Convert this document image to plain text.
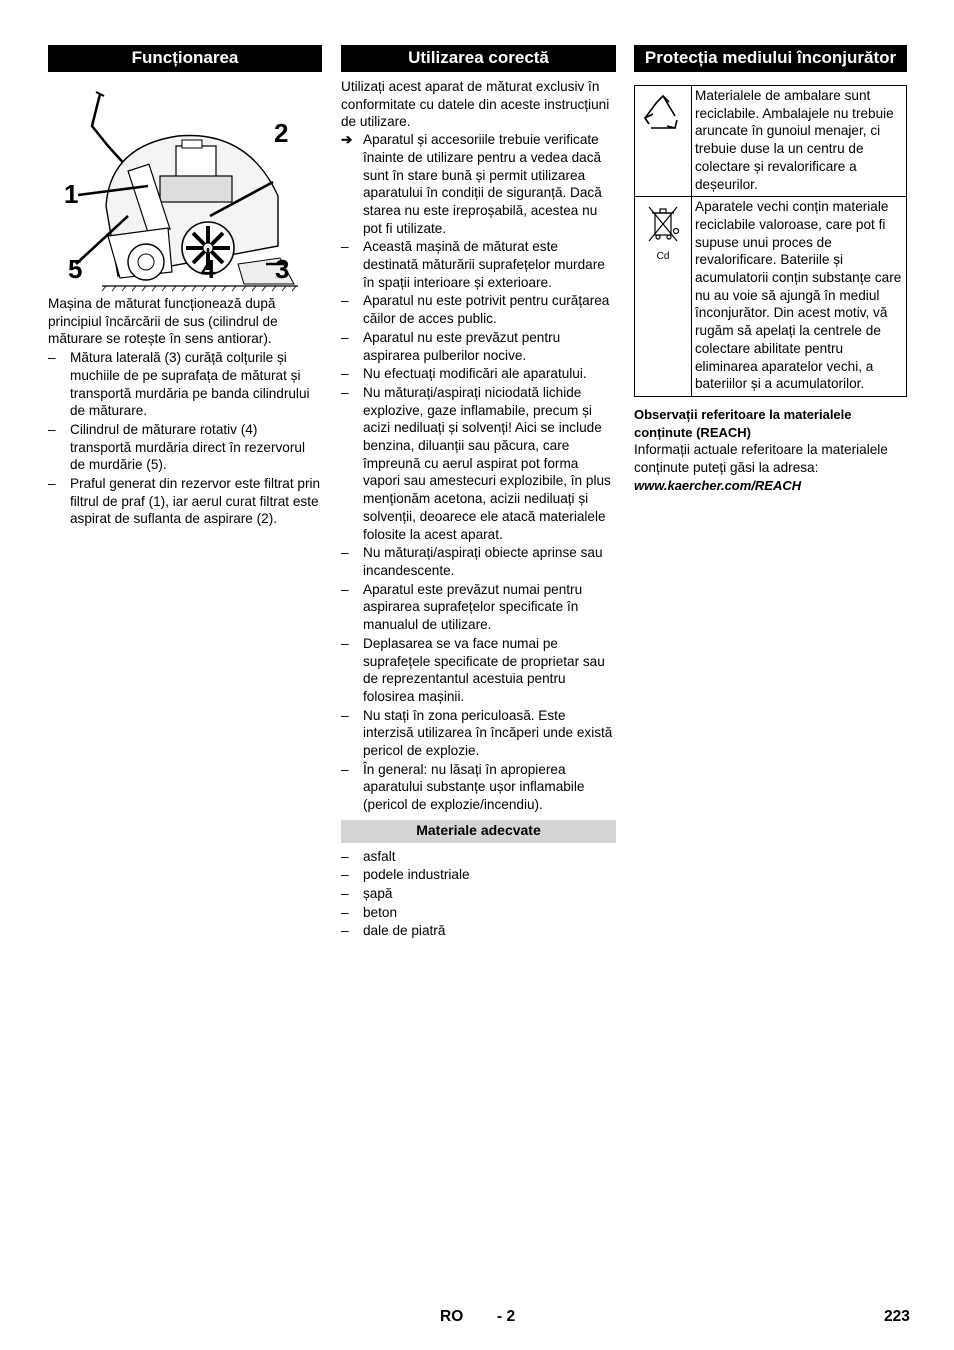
Funcționarea
1
2
3
4
5

Mașina de măturat funcționează după principiul încărcării de sus (cilindrul de măturare se rotește în sens antiorar).

– Mătura laterală (3) curăță colțurile și muchiile de pe suprafața de măturat și transportă murdăria pe banda cilindrului de măturare.
– Cilindrul de măturare rotativ (4) transportă murdăria direct în rezervorul de murdărie (5).
– Praful generat din rezervor este filtrat prin filtrul de praf (1), iar aerul curat filtrat este aspirat de suflanta de aspirare (2).
Utilizarea corectă

Utilizați acest aparat de măturat exclusiv în conformitate cu datele din aceste instrucțiuni de utilizare.

➔ Aparatul și accesoriile trebuie verificate înainte de utilizare pentru a vedea dacă sunt în stare bună și permit utilizarea aparatului în condiții de siguranță. Dacă starea nu este ireproșabilă, acestea nu pot fi utilizate.
– Această mașină de măturat este destinată măturării suprafețelor murdare în spații interioare și exterioare.
– Aparatul nu este potrivit pentru curățarea căilor de acces public.
– Aparatul nu este prevăzut pentru aspirarea pulberilor nocive.
– Nu efectuați modificări ale aparatului.
– Nu măturați/aspirați niciodată lichide explozive, gaze inflamabile, precum și acizi nediluați și solvenți! Aici se include benzina, diluanții sau păcura, care împreună cu aerul aspirat pot forma vapori sau amestecuri explozibile, în plus menționăm acetona, acizii nediluați și solvenții, deoarece ele atacă materialele folosite la acest aparat.
– Nu măturați/aspirați obiecte aprinse sau incandescente.
– Aparatul este prevăzut numai pentru aspirarea suprafețelor specificate în manualul de utilizare.
– Deplasarea se va face numai pe suprafețele specificate de proprietar sau de reprezentantul acestuia pentru folosirea mașinii.
– Nu stați în zona periculoasă. Este interzisă utilizarea în încăperi unde există pericol de explozie.
– În general: nu lăsați în apropierea aparatului substanțe ușor inflamabile (pericol de explozie/incendiu).
Materiale adecvate
– asfalt
– podele industriale
– șapă
– beton
– dale de piatră
Protecția mediului înconjurător
	Materialele de ambalare sunt reciclabile. Ambalajele nu trebuie aruncate în gunoiul menajer, ci trebuie duse la un centru de colectare și revalorificare a deșeurilor.

Cd	Aparatele vechi conțin materiale reciclabile valoroase, care pot fi supuse unui proces de revalorificare. Bateriile și acumulatorii conțin substanțe care nu au voie să ajungă în mediul înconjurător. Din acest motiv, vă rugăm să apelați la centrele de colectare abilitate pentru eliminarea aparatelor vechi, a bateriilor și a acumulatorilor.
Observații referitoare la materialele conținute (REACH)

Informații actuale referitoare la materialele conținute puteți găsi la adresa:

www.kaercher.com/REACH
RO - 2	223
